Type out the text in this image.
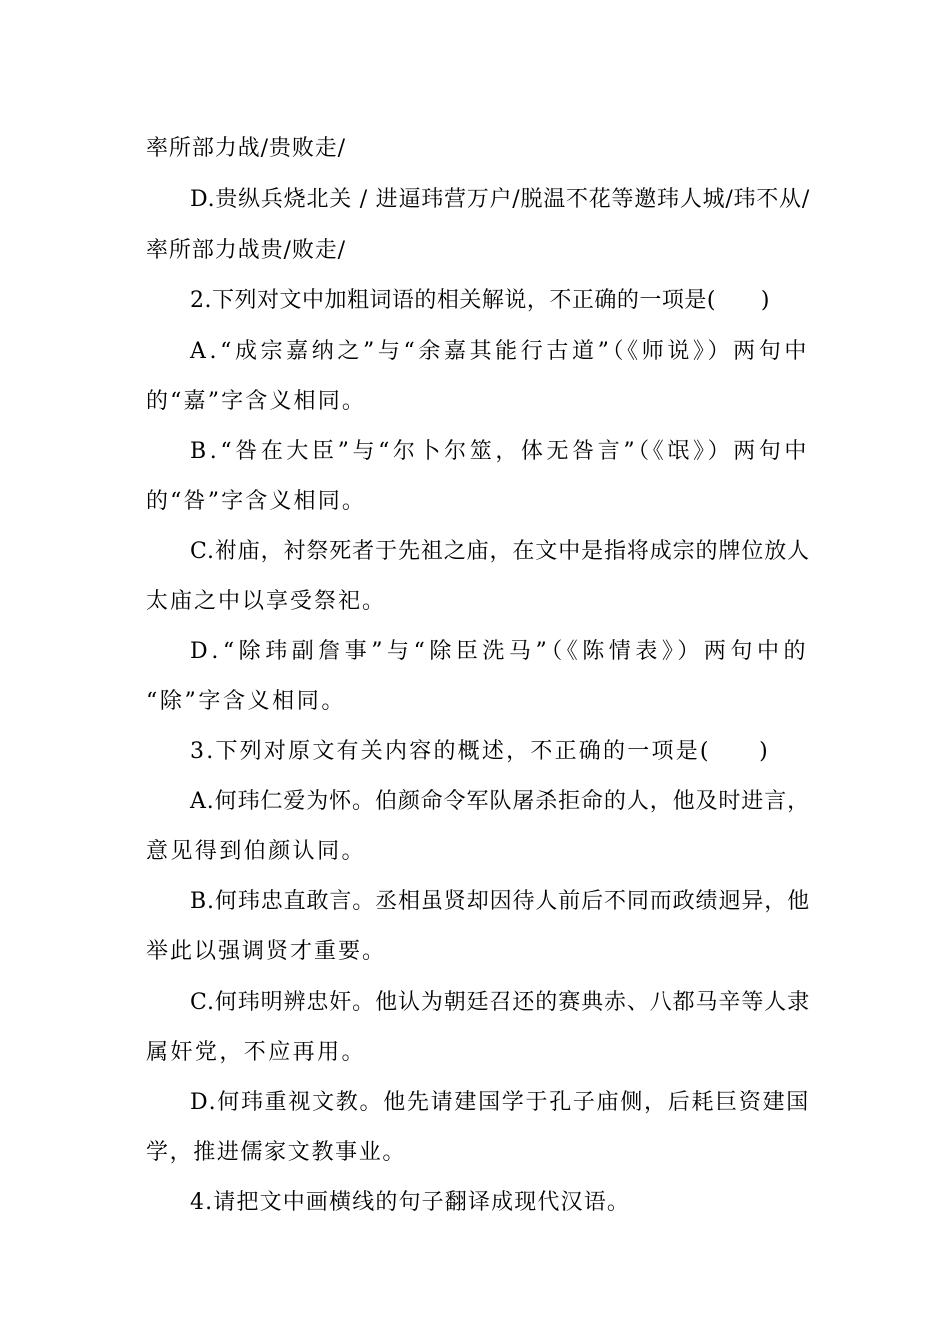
率所部力战/贵败走/
D.贵纵兵烧北关 / 进逼玮营万户/脱温不花等邀玮人城/玮不从/
率所部力战贵/败走/
2.下列对文中加粗词语的相关解说，不正确的一项是(　　)
A.“成宗嘉纳之”与“余嘉其能行古道”（《师说》）两句中
的“嘉”字含义相同。
B.“咎在大臣”与“尔卜尔筮，体无咎言”（《氓》）两句中
的“咎”字含义相同。
C.祔庙，衬祭死者于先祖之庙，在文中是指将成宗的牌位放人
太庙之中以享受祭祀。
D.“除玮副詹事”与“除臣洗马”（《陈情表》）两句中的
“除”字含义相同。
3.下列对原文有关内容的概述，不正确的一项是(　　)
A.何玮仁爱为怀。伯颜命令军队屠杀拒命的人，他及时进言，
意见得到伯颜认同。
B.何玮忠直敢言。丞相虽贤却因待人前后不同而政绩迥异，他
举此以强调贤才重要。
C.何玮明辨忠奸。他认为朝廷召还的赛典赤、八都马辛等人隶
属奸党，不应再用。
D.何玮重视文教。他先请建国学于孔子庙侧，后耗巨资建国
学，推进儒家文教事业。
4.请把文中画横线的句子翻译成现代汉语。
